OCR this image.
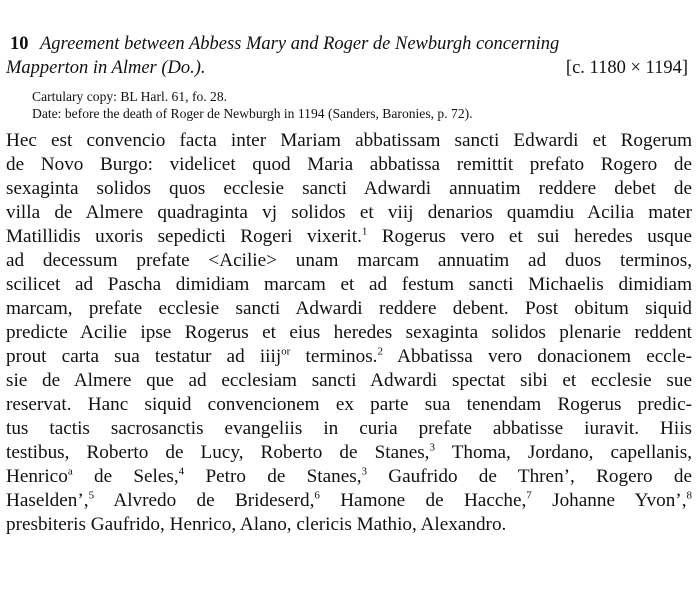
10 Agreement between Abbess Mary and Roger de Newburgh concerning
Mapperton in Almer (Do.).	[c. 1180 × 1194]
Cartulary copy: BL Harl. 61, fo. 28.
Date: before the death of Roger de Newburgh in 1194 (Sanders, Baronies, p. 72).
Hec est convencio facta inter Mariam abbatissam sancti Edwardi et Rogerum
de Novo Burgo: videlicet quod Maria abbatissa remittit prefato Rogero de
sexaginta solidos quos ecclesie sancti Adwardi annuatim reddere debet de
villa de Almere quadraginta vj solidos et viij denarios quamdiu Acilia mater
Matillidis uxoris sepedicti Rogeri vixerit.$^1$ Rogerus vero et sui heredes usque
ad decessum prefate <Acilie> unam marcam annuatim ad duos terminos,
scilicet ad Pascha dimidiam marcam et ad festum sancti Michaelis dimidiam
marcam, prefate ecclesie sancti Adwardi reddere debent. Post obitum siquid
predicte Acilie ipse Rogerus et eius heredes sexaginta solidos plenarie reddent
prout carta sua testatur ad iiij$^{or}$ terminos.$^2$ Abbatissa vero donacionem eccle-
sie de Almere que ad ecclesiam sancti Adwardi spectat sibi et ecclesie sue
reservat. Hanc siquid convencionem ex parte sua tenendam Rogerus predic-
tus tactis sacrosanctis evangeliis in curia prefate abbatisse iuravit. Hiis
testibus, Roberto de Lucy, Roberto de Stanes,$^3$ Thoma, Jordano, capellanis,
Henrico$^a$ de Seles,$^4$ Petro de Stanes,$^3$ Gaufrido de Thren’, Rogero de
Haselden’,$^5$ Alvredo de Brideserd,$^6$ Hamone de Hacche,$^7$ Johanne Yvon’,$^8$
presbiteris Gaufrido, Henrico, Alano, clericis Mathio, Alexandro.
